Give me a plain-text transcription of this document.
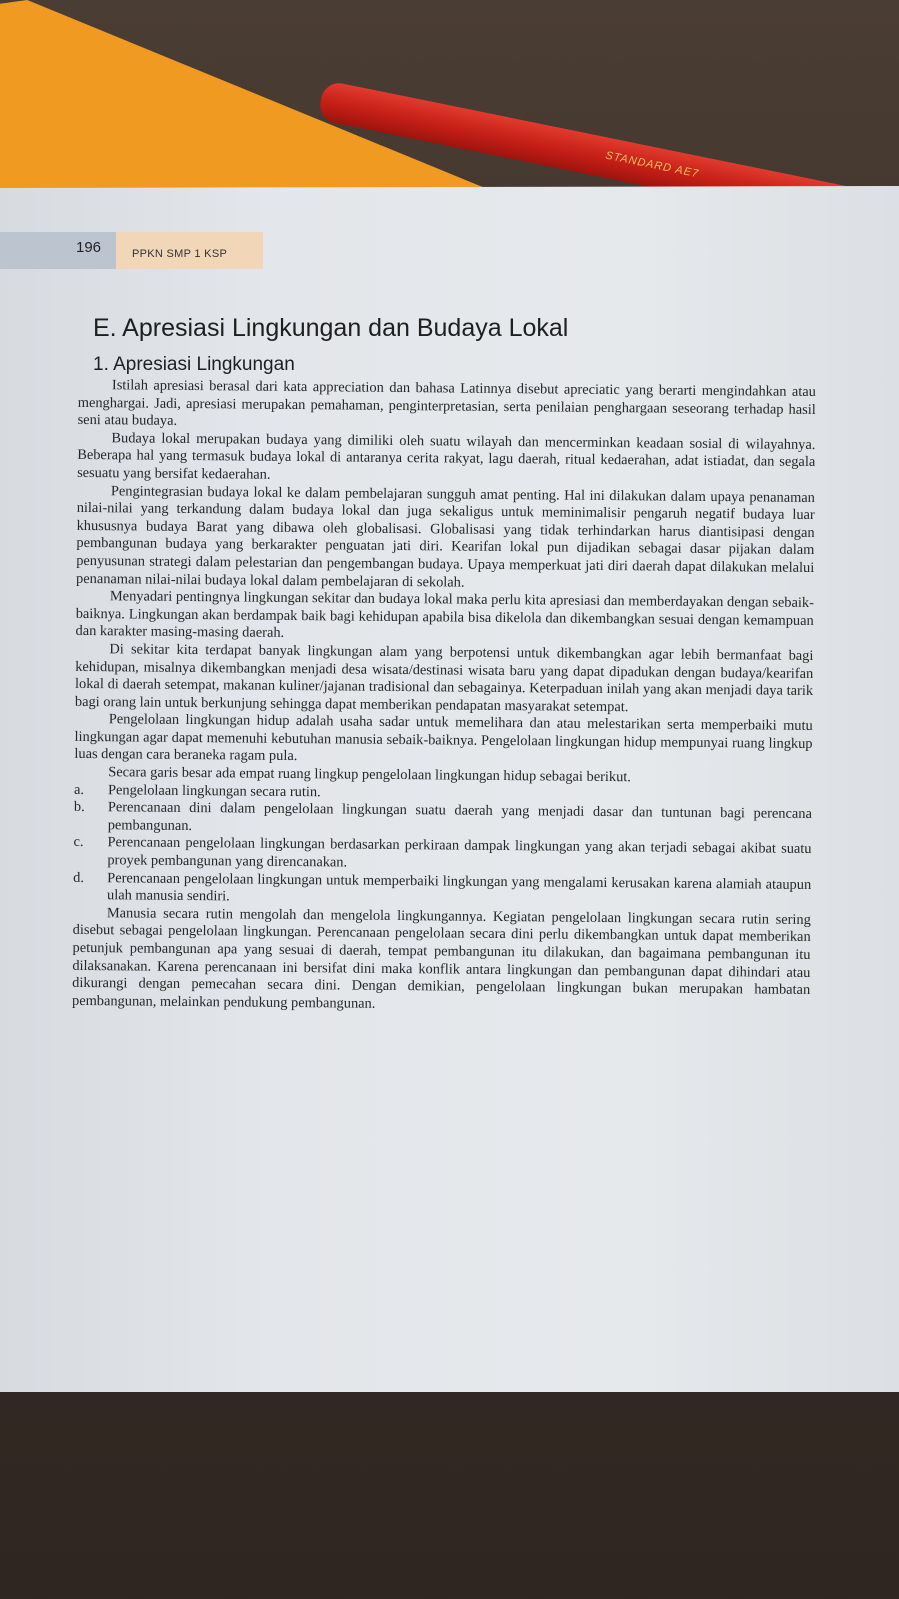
STANDARD AE7
196	PPKN SMP 1 KSP
E. Apresiasi Lingkungan dan Budaya Lokal
1. Apresiasi Lingkungan

Istilah apresiasi berasal dari kata appreciation dan bahasa Latinnya disebut apreciatic yang berarti mengindahkan atau menghargai. Jadi, apresiasi merupakan pemahaman, penginterpretasian, serta penilaian penghargaan seseorang terhadap hasil seni atau budaya.

Budaya lokal merupakan budaya yang dimiliki oleh suatu wilayah dan mencerminkan keadaan sosial di wilayahnya. Beberapa hal yang termasuk budaya lokal di antaranya cerita rakyat, lagu daerah, ritual kedaerahan, adat istiadat, dan segala sesuatu yang bersifat kedaerahan.

Pengintegrasian budaya lokal ke dalam pembelajaran sungguh amat penting. Hal ini dilakukan dalam upaya penanaman nilai-nilai yang terkandung dalam budaya lokal dan juga sekaligus untuk meminimalisir pengaruh negatif budaya luar khususnya budaya Barat yang dibawa oleh globalisasi. Globalisasi yang tidak terhindarkan harus diantisipasi dengan pembangunan budaya yang berkarakter penguatan jati diri. Kearifan lokal pun dijadikan sebagai dasar pijakan dalam penyusunan strategi dalam pelestarian dan pengembangan budaya. Upaya memperkuat jati diri daerah dapat dilakukan melalui penanaman nilai-nilai budaya lokal dalam pembelajaran di sekolah.

Menyadari pentingnya lingkungan sekitar dan budaya lokal maka perlu kita apresiasi dan memberdayakan dengan sebaik-baiknya. Lingkungan akan berdampak baik bagi kehidupan apabila bisa dikelola dan dikembangkan sesuai dengan kemampuan dan karakter masing-masing daerah.

Di sekitar kita terdapat banyak lingkungan alam yang berpotensi untuk dikembangkan agar lebih bermanfaat bagi kehidupan, misalnya dikembangkan menjadi desa wisata/destinasi wisata baru yang dapat dipadukan dengan budaya/kearifan lokal di daerah setempat, makanan kuliner/jajanan tradisional dan sebagainya. Keterpaduan inilah yang akan menjadi daya tarik bagi orang lain untuk berkunjung sehingga dapat memberikan pendapatan masyarakat setempat.

Pengelolaan lingkungan hidup adalah usaha sadar untuk memelihara dan atau melestarikan serta memperbaiki mutu lingkungan agar dapat memenuhi kebutuhan manusia sebaik-baiknya. Pengelolaan lingkungan hidup mempunyai ruang lingkup luas dengan cara beraneka ragam pula.

Secara garis besar ada empat ruang lingkup pengelolaan lingkungan hidup sebagai berikut.

a. Pengelolaan lingkungan secara rutin.
b. Perencanaan dini dalam pengelolaan lingkungan suatu daerah yang menjadi dasar dan tuntunan bagi perencana pembangunan.
c. Perencanaan pengelolaan lingkungan berdasarkan perkiraan dampak lingkungan yang akan terjadi sebagai akibat suatu proyek pembangunan yang direncanakan.
d. Perencanaan pengelolaan lingkungan untuk memperbaiki lingkungan yang mengalami kerusakan karena alamiah ataupun ulah manusia sendiri.

Manusia secara rutin mengolah dan mengelola lingkungannya. Kegiatan pengelolaan lingkungan secara rutin sering disebut sebagai pengelolaan lingkungan. Perencanaan pengelolaan secara dini perlu dikembangkan untuk dapat memberikan petunjuk pembangunan apa yang sesuai di daerah, tempat pembangunan itu dilakukan, dan bagaimana pembangunan itu dilaksanakan. Karena perencanaan ini bersifat dini maka konflik antara lingkungan dan pembangunan dapat dihindari atau dikurangi dengan pemecahan secara dini. Dengan demikian, pengelolaan lingkungan bukan merupakan hambatan pembangunan, melainkan pendukung pembangunan.
